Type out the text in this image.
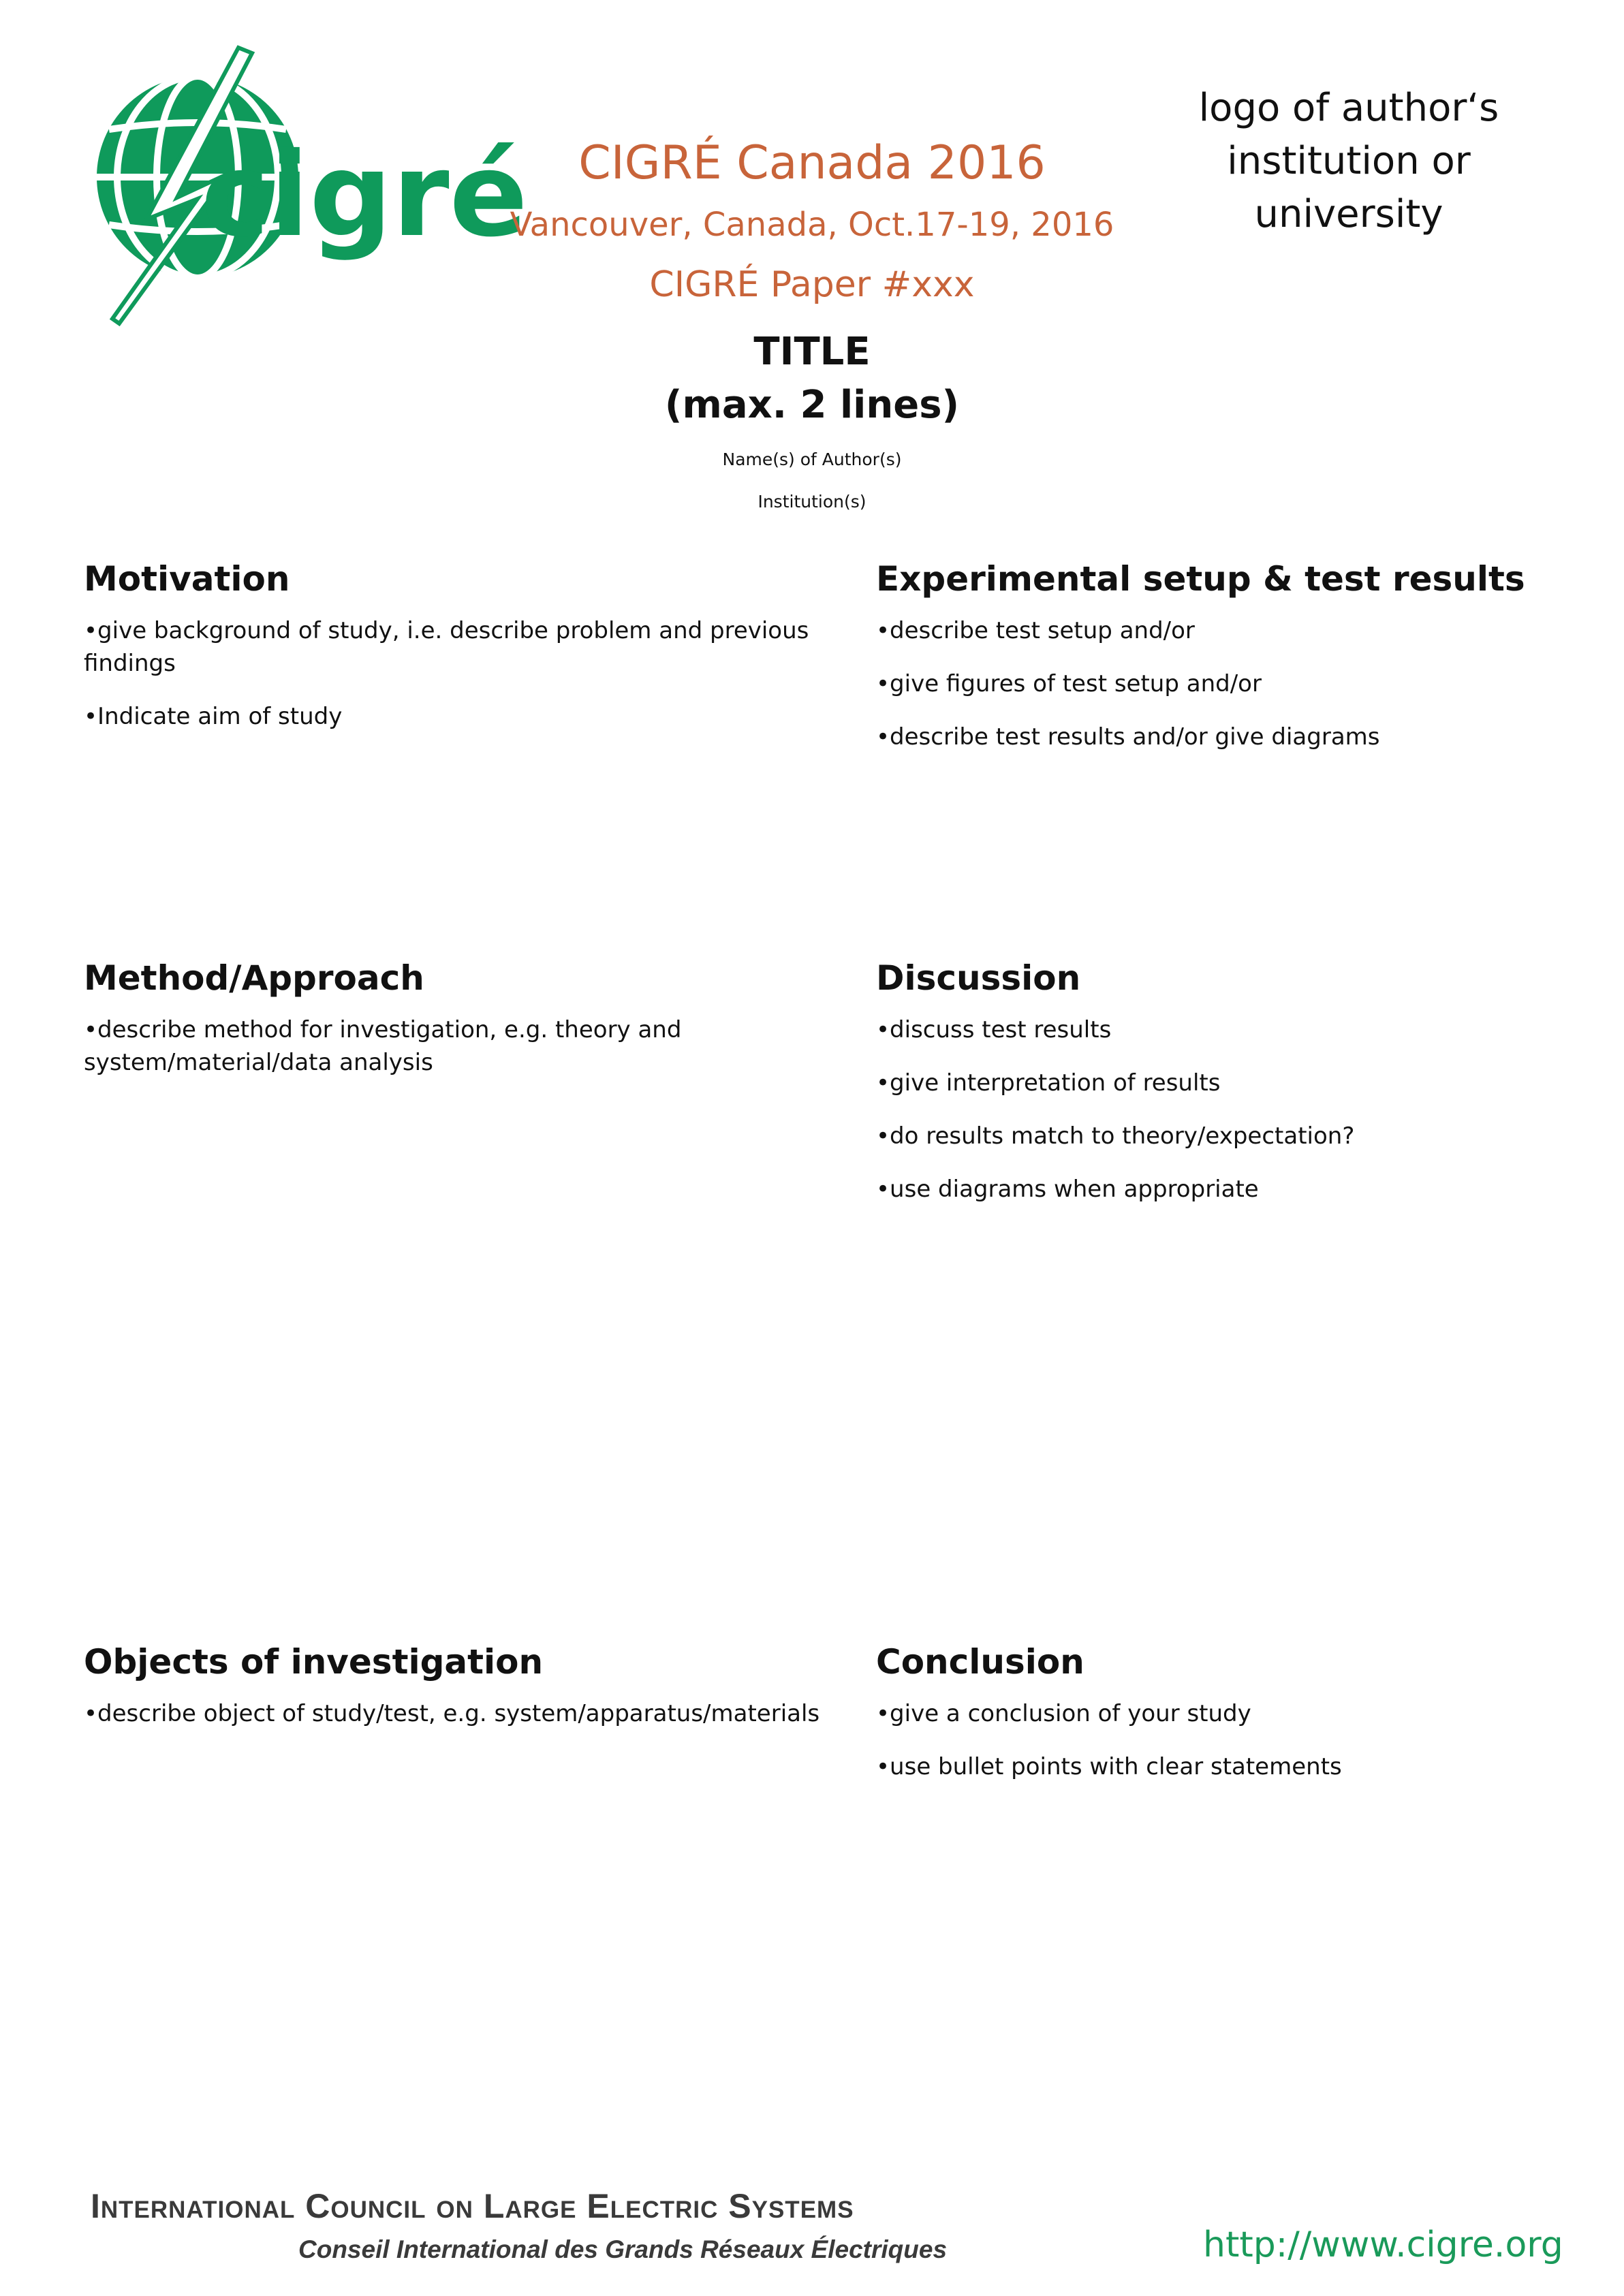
cigré	CIGRÉ Canada 2016
Vancouver, Canada, Oct.17-19, 2016
CIGRÉ Paper #xxx
logo of author‘s
institution or
university
TITLE
(max. 2 lines)
Name(s) of Author(s)
Institution(s)
Motivation
•give background of study, i.e. describe problem and previous findings
•Indicate aim of study
Method/Approach
•describe method for investigation, e.g. theory and system/material/data analysis
Objects of investigation
•describe object of study/test, e.g. system/apparatus/materials
Experimental setup & test results
•describe test setup and/or
•give figures of test setup and/or
•describe test results and/or give diagrams
Discussion
•discuss test results
•give interpretation of results
•do results match to theory/expectation?
•use diagrams when appropriate
Conclusion
•give a conclusion of your study
•use bullet points with clear statements
International Council on Large Electric Systems
Conseil International des Grands Réseaux Électriques	http://www.cigre.org
